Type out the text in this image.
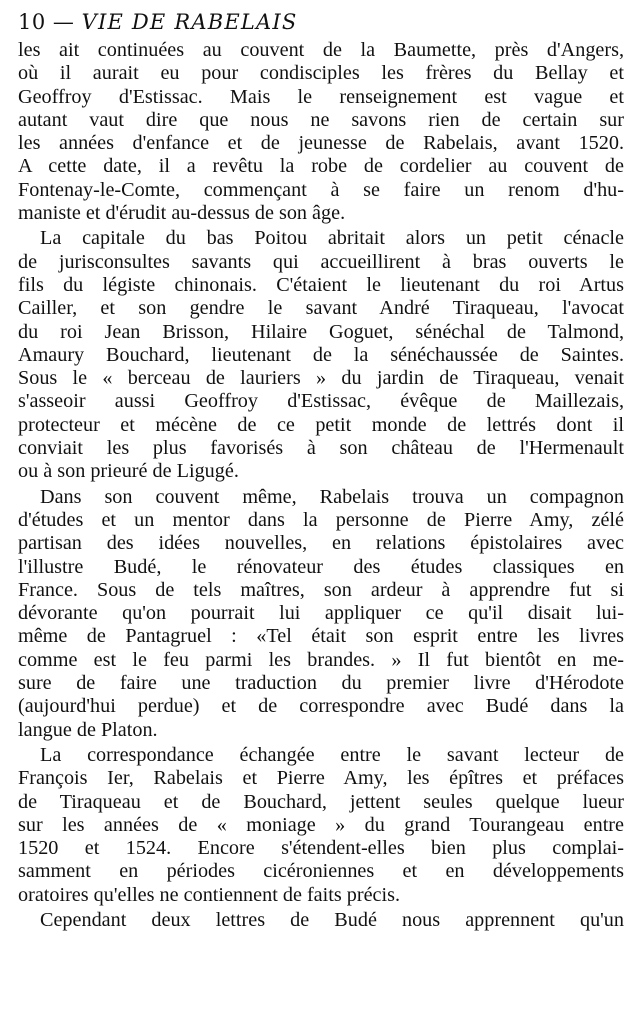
10 — VIE DE RABELAIS
les ait continuées au couvent de la Baumette, près d'Angers,
où il aurait eu pour condisciples les frères du Bellay et
Geoffroy d'Estissac. Mais le renseignement est vague et
autant vaut dire que nous ne savons rien de certain sur
les années d'enfance et de jeunesse de Rabelais, avant 1520.
A cette date, il a revêtu la robe de cordelier au couvent de
Fontenay-le-Comte, commençant à se faire un renom d'hu-
maniste et d'érudit au-dessus de son âge.
La capitale du bas Poitou abritait alors un petit cénacle
de jurisconsultes savants qui accueillirent à bras ouverts le
fils du légiste chinonais. C'étaient le lieutenant du roi Artus
Cailler, et son gendre le savant André Tiraqueau, l'avocat
du roi Jean Brisson, Hilaire Goguet, sénéchal de Talmond,
Amaury Bouchard, lieutenant de la sénéchaussée de Saintes.
Sous le « berceau de lauriers » du jardin de Tiraqueau, venait
s'asseoir aussi Geoffroy d'Estissac, évêque de Maillezais,
protecteur et mécène de ce petit monde de lettrés dont il
conviait les plus favorisés à son château de l'Hermenault
ou à son prieuré de Ligugé.
Dans son couvent même, Rabelais trouva un compagnon
d'études et un mentor dans la personne de Pierre Amy, zélé
partisan des idées nouvelles, en relations épistolaires avec
l'illustre Budé, le rénovateur des études classiques en
France. Sous de tels maîtres, son ardeur à apprendre fut si
dévorante qu'on pourrait lui appliquer ce qu'il disait lui-
même de Pantagruel : «Tel était son esprit entre les livres
comme est le feu parmi les brandes. » Il fut bientôt en me-
sure de faire une traduction du premier livre d'Hérodote
(aujourd'hui perdue) et de correspondre avec Budé dans la
langue de Platon.
La correspondance échangée entre le savant lecteur de
François Ier, Rabelais et Pierre Amy, les épîtres et préfaces
de Tiraqueau et de Bouchard, jettent seules quelque lueur
sur les années de « moniage » du grand Tourangeau entre
1520 et 1524. Encore s'étendent-elles bien plus complai-
samment en périodes cicéroniennes et en développements
oratoires qu'elles ne contiennent de faits précis.
Cependant deux lettres de Budé nous apprennent qu'un
